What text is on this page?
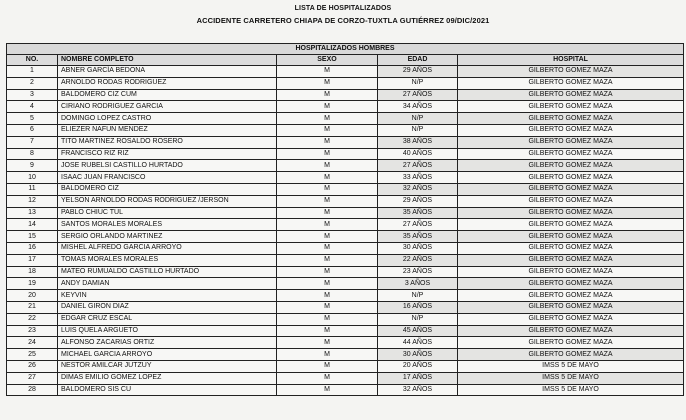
LISTA DE HOSPITALIZADOS
ACCIDENTE CARRETERO CHIAPA DE CORZO-TUXTLA GUTIÉRREZ 09/DIC/2021
HOSPITALIZADOS HOMBRES				
NO.	NOMBRE COMPLETO	SEXO	EDAD	HOSPITAL
1	ABNER GARCÍA BEDONA	M	29 AÑOS	GILBERTO GOMEZ MAZA
2	ARNOLDO RODAS RODRIGUEZ	M	N/P	GILBERTO GOMEZ MAZA
3	BALDOMERO CIZ CUM	M	27 AÑOS	GILBERTO GOMEZ MAZA
4	CIRIANO RODRIGUEZ GARCIA	M	34 AÑOS	GILBERTO GOMEZ MAZA
5	DOMINGO LOPEZ CASTRO	M	N/P	GILBERTO GOMEZ MAZA
6	ELIEZER NAFUN MENDEZ	M	N/P	GILBERTO GOMEZ MAZA
7	TITO MARTINEZ ROSALDO ROSERO	M	38 AÑOS	GILBERTO GOMEZ MAZA
8	FRANCISCO RIZ RIZ	M	40 AÑOS	GILBERTO GOMEZ MAZA
9	JOSE RUBELSI CASTILLO HURTADO	M	27 AÑOS	GILBERTO GOMEZ MAZA
10	ISAAC JUAN FRANCISCO	M	33 AÑOS	GILBERTO GOMEZ MAZA
11	BALDOMERO CIZ	M	32 AÑOS	GILBERTO GOMEZ MAZA
12	YELSON ARNOLDO RODAS RODRIGUEZ /JERSON	M	29 AÑOS	GILBERTO GOMEZ MAZA
13	PABLO CHIUC TUL	M	35 AÑOS	GILBERTO GOMEZ MAZA
14	SANTOS MORALES MORALES	M	27 AÑOS	GILBERTO GOMEZ MAZA
15	SERGIO ORLANDO MARTINEZ	M	35 AÑOS	GILBERTO GOMEZ MAZA
16	MISHEL ALFREDO GARCIA ARROYO	M	30 AÑOS	GILBERTO GOMEZ MAZA
17	TOMAS MORALES MORALES	M	22 AÑOS	GILBERTO GOMEZ MAZA
18	MATEO RUMUALDO CASTILLO HURTADO	M	23 AÑOS	GILBERTO GOMEZ MAZA
19	ANDY DAMIAN	M	3 AÑOS	GILBERTO GOMEZ MAZA
20	KEYVIN	M	N/P	GILBERTO GOMEZ MAZA
21	DANIEL GIRON DIAZ	M	16 AÑOS	GILBERTO GOMEZ MAZA
22	EDGAR CRUZ ESCAL	M	N/P	GILBERTO GOMEZ MAZA
23	LUIS QUELA ARGUETO	M	45 AÑOS	GILBERTO GOMEZ MAZA
24	ALFONSO ZACARIAS ORTIZ	M	44 AÑOS	GILBERTO GOMEZ MAZA
25	MICHAEL GARCIA ARROYO	M	30 AÑOS	GILBERTO GOMEZ MAZA
26	NESTOR AMILCAR JUTZUY	M	20 AÑOS	IMSS 5 DE MAYO
27	DIMAS EMILIO GOMEZ LOPEZ	M	17 AÑOS	IMSS 5 DE MAYO
28	BALDOMERO SIS CU	M	32 AÑOS	IMSS 5 DE MAYO
